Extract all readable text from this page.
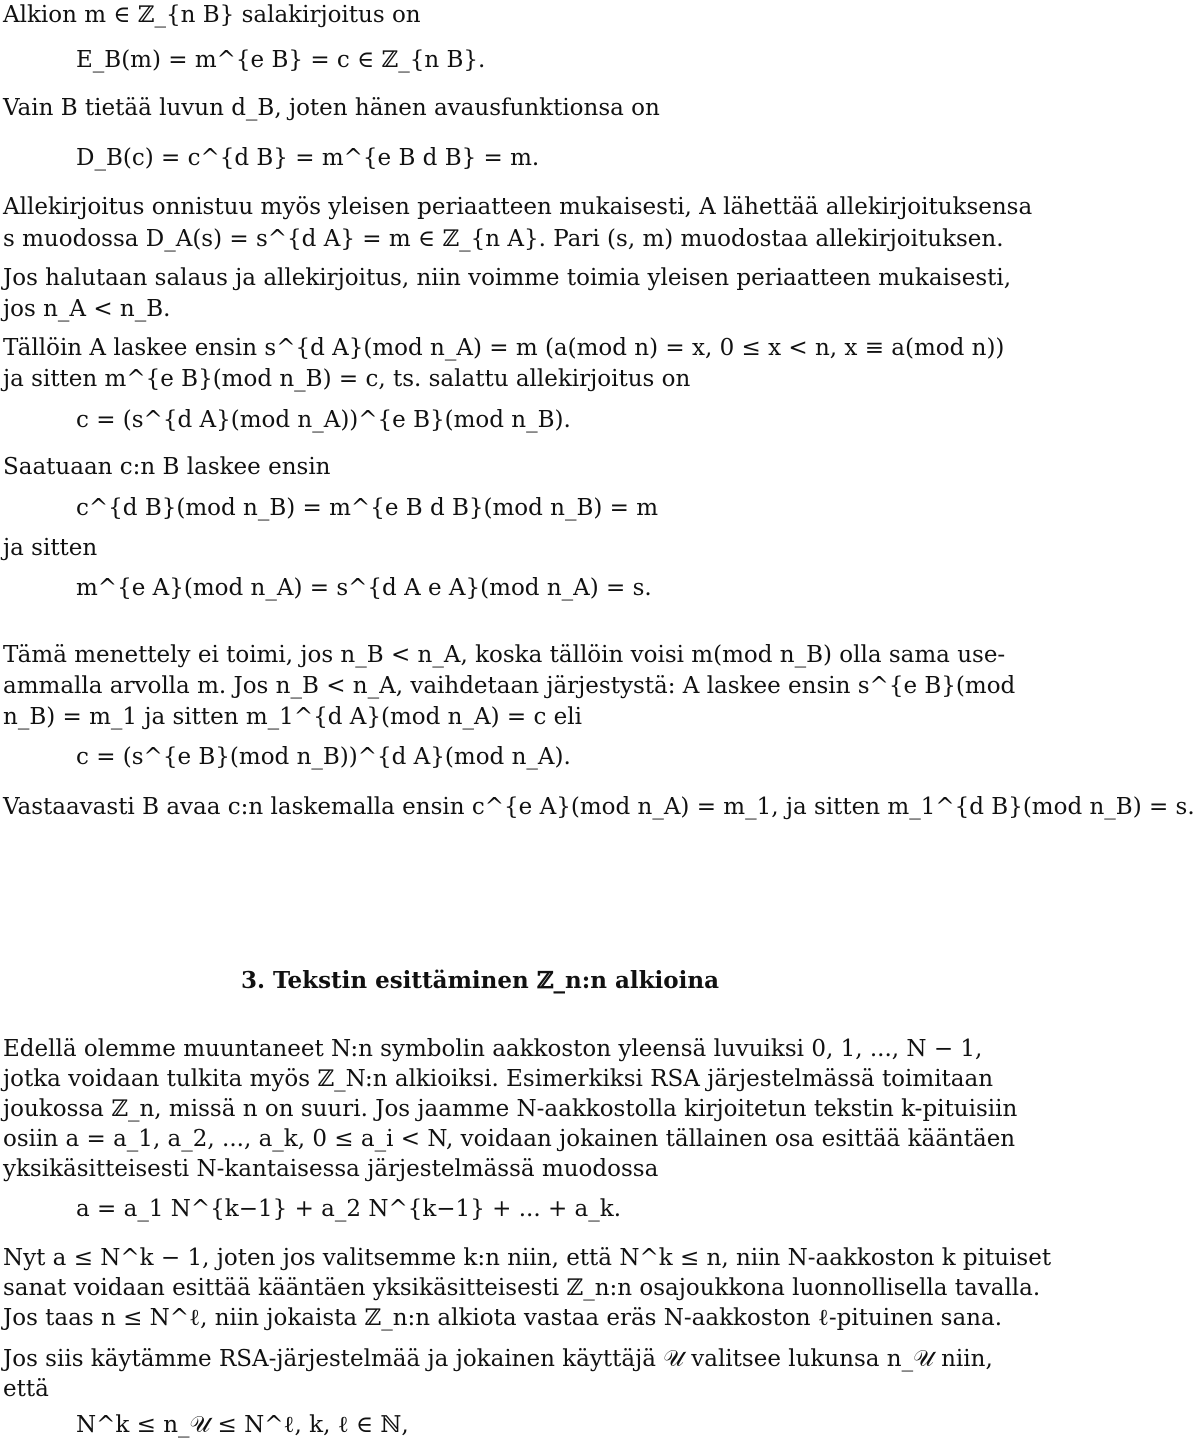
Alkion m ∈ ℤ_{n B} salakirjoitus on
E_B(m) = m^{e B} = c ∈ ℤ_{n B}.
Vain B tietää luvun d_B, joten hänen avausfunktionsa on
D_B(c) = c^{d B} = m^{e B d B} = m.
Allekirjoitus onnistuu myös yleisen periaatteen mukaisesti, A lähettää allekirjoituksensa
s muodossa D_A(s) = s^{d A} = m ∈ ℤ_{n A}. Pari (s, m) muodostaa allekirjoituksen.
Jos halutaan salaus ja allekirjoitus, niin voimme toimia yleisen periaatteen mukaisesti,
jos n_A < n_B.
Tällöin A laskee ensin s^{d A}(mod n_A) = m (a(mod n) = x, 0 ≤ x < n, x ≡ a(mod n))
ja sitten m^{e B}(mod n_B) = c, ts. salattu allekirjoitus on
c = (s^{d A}(mod n_A))^{e B}(mod n_B).
Saatuaan c:n B laskee ensin
c^{d B}(mod n_B) = m^{e B d B}(mod n_B) = m
ja sitten
m^{e A}(mod n_A) = s^{d A e A}(mod n_A) = s.
Tämä menettely ei toimi, jos n_B < n_A, koska tällöin voisi m(mod n_B) olla sama use-
ammalla arvolla m. Jos n_B < n_A, vaihdetaan järjestystä: A laskee ensin s^{e B}(mod
n_B) = m_1 ja sitten m_1^{d A}(mod n_A) = c eli
c = (s^{e B}(mod n_B))^{d A}(mod n_A).
Vastaavasti B avaa c:n laskemalla ensin c^{e A}(mod n_A) = m_1, ja sitten m_1^{d B}(mod n_B) = s.
3. Tekstin esittäminen ℤ_n:n alkioina
Edellä olemme muuntaneet N:n symbolin aakkoston yleensä luvuiksi 0, 1, ..., N − 1,
jotka voidaan tulkita myös ℤ_N:n alkioiksi. Esimerkiksi RSA järjestelmässä toimitaan
joukossa ℤ_n, missä n on suuri. Jos jaamme N-aakkostolla kirjoitetun tekstin k-pituisiin
osiin a = a_1, a_2, ..., a_k, 0 ≤ a_i < N, voidaan jokainen tällainen osa esittää kääntäen
yksikäsitteisesti N-kantaisessa järjestelmässä muodossa
a = a_1 N^{k−1} + a_2 N^{k−1} + ... + a_k.
Nyt a ≤ N^k − 1, joten jos valitsemme k:n niin, että N^k ≤ n, niin N-aakkoston k pituiset
sanat voidaan esittää kääntäen yksikäsitteisesti ℤ_n:n osajoukkona luonnollisella tavalla.
Jos taas n ≤ N^ℓ, niin jokaista ℤ_n:n alkiota vastaa eräs N-aakkoston ℓ-pituinen sana.
Jos siis käytämme RSA-järjestelmää ja jokainen käyttäjä 𝒰 valitsee lukunsa n_𝒰 niin,
että
N^k ≤ n_𝒰 ≤ N^ℓ, k, ℓ ∈ ℕ,
